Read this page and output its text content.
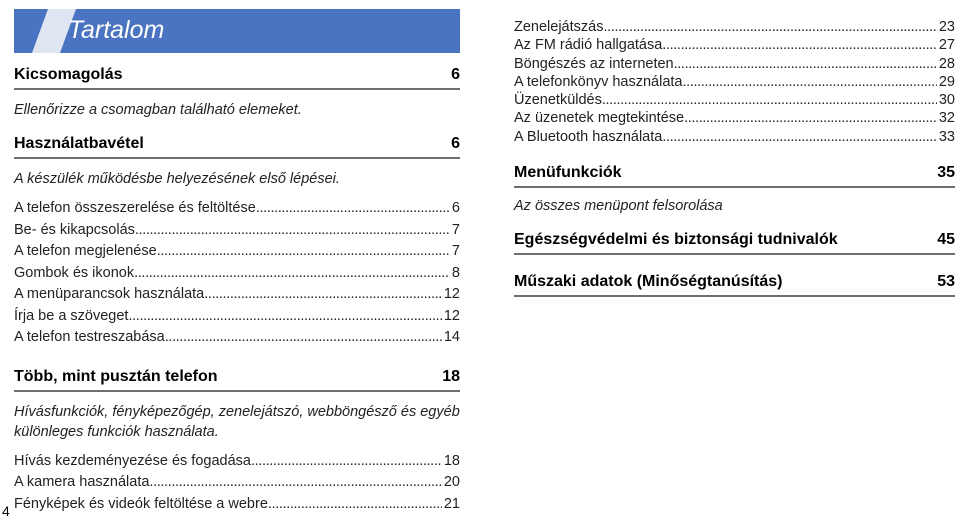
Tartalom
Kicsomagolás	6
Ellenőrizze a csomagban található elemeket.
Használatbavétel	6
A készülék működésbe helyezésének első lépései.
A telefon összeszerelése és feltöltése . . .	6
Be- és kikapcsolás . . .	7
A telefon megjelenése . . .	7
Gombok és ikonok . . .	8
A menüparancsok használata . . .	12
Írja be a szöveget . . .	12
A telefon testreszabása . . .	14
Több, mint pusztán telefon	18
Hívásfunkciók, fényképezőgép, zenelejátszó, webböngésző és egyéb különleges funkciók használata.
Hívás kezdeményezése és fogadása . . .	18
A kamera használata . . .	20
Fényképek és videók feltöltése a webre . . .	21
Zenelejátszás . . .	23
Az FM rádió hallgatása . . .	27
Böngészés az interneten . . .	28
A telefonkönyv használata . . .	29
Üzenetküldés . . .	30
Az üzenetek megtekintése . . .	32
A Bluetooth használata . . .	33
Menüfunkciók	35
Az összes menüpont felsorolása
Egészségvédelmi és biztonsági tudnivalók	45
Műszaki adatok (Minőségtanúsítás)	53
4
